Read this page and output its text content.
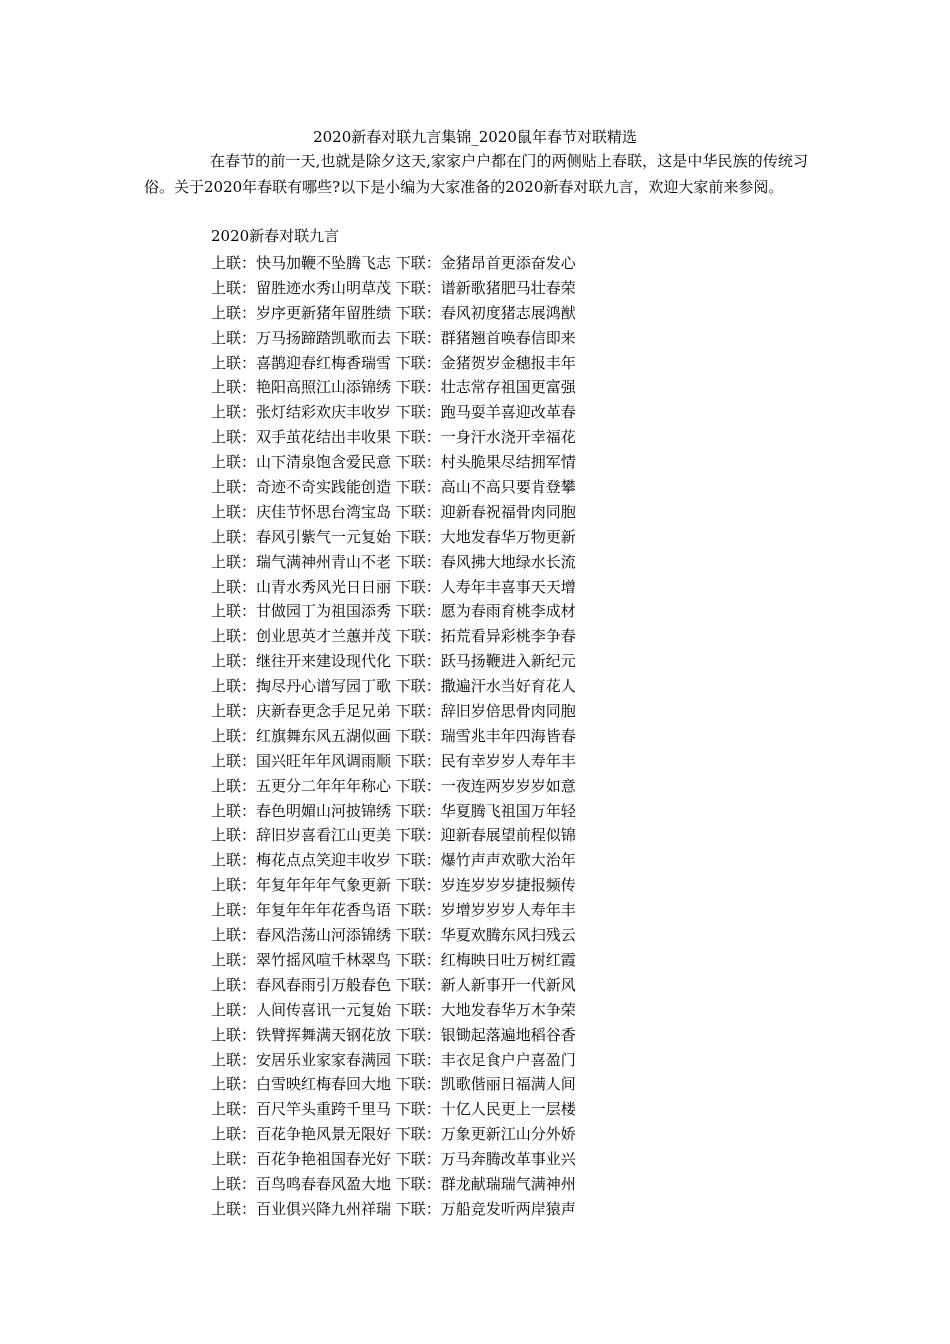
2020新春对联九言集锦_2020鼠年春节对联精选
在春节的前一天,也就是除夕这天,家家户户都在门的两侧贴上春联，这是中华民族的传统习俗。关于2020年春联有哪些?以下是小编为大家准备的2020新春对联九言，欢迎大家前来参阅。
2020新春对联九言
上联：快马加鞭不坠腾飞志 下联：金猪昂首更添奋发心
上联：留胜迹水秀山明草茂 下联：谱新歌猪肥马壮春荣
上联：岁序更新猪年留胜绩 下联：春风初度猪志展鸿猷
上联：万马扬蹄踏凯歌而去 下联：群猪翘首唤春信即来
上联：喜鹊迎春红梅香瑞雪 下联：金猪贺岁金穗报丰年
上联：艳阳高照江山添锦绣 下联：壮志常存祖国更富强
上联：张灯结彩欢庆丰收岁 下联：跑马耍羊喜迎改革春
上联：双手茧花结出丰收果 下联：一身汗水浇开幸福花
上联：山下清泉饱含爱民意 下联：村头脆果尽结拥军情
上联：奇迹不奇实践能创造 下联：高山不高只要肯登攀
上联：庆佳节怀思台湾宝岛 下联：迎新春祝福骨肉同胞
上联：春风引紫气一元复始 下联：大地发春华万物更新
上联：瑞气满神州青山不老 下联：春风拂大地绿水长流
上联：山青水秀风光日日丽 下联：人寿年丰喜事天天增
上联：甘做园丁为祖国添秀 下联：愿为春雨育桃李成材
上联：创业思英才兰蕙并茂 下联：拓荒看异彩桃李争春
上联：继往开来建设现代化 下联：跃马扬鞭进入新纪元
上联：掏尽丹心谱写园丁歌 下联：撒遍汗水当好育花人
上联：庆新春更念手足兄弟 下联：辞旧岁倍思骨肉同胞
上联：红旗舞东风五湖似画 下联：瑞雪兆丰年四海皆春
上联：国兴旺年年风调雨顺 下联：民有幸岁岁人寿年丰
上联：五更分二年年年称心 下联：一夜连两岁岁岁如意
上联：春色明媚山河披锦绣 下联：华夏腾飞祖国万年轻
上联：辞旧岁喜看江山更美 下联：迎新春展望前程似锦
上联：梅花点点笑迎丰收岁 下联：爆竹声声欢歌大治年
上联：年复年年年气象更新 下联：岁连岁岁岁捷报频传
上联：年复年年年花香鸟语 下联：岁增岁岁岁人寿年丰
上联：春风浩荡山河添锦绣 下联：华夏欢腾东风扫残云
上联：翠竹摇风喧千林翠鸟 下联：红梅映日吐万树红霞
上联：春风春雨引万般春色 下联：新人新事开一代新风
上联：人间传喜讯一元复始 下联：大地发春华万木争荣
上联：铁臂挥舞满天钢花放 下联：银锄起落遍地稻谷香
上联：安居乐业家家春满园 下联：丰衣足食户户喜盈门
上联：白雪映红梅春回大地 下联：凯歌偕丽日福满人间
上联：百尺竿头重跨千里马 下联：十亿人民更上一层楼
上联：百花争艳风景无限好 下联：万象更新江山分外娇
上联：百花争艳祖国春光好 下联：万马奔腾改革事业兴
上联：百鸟鸣春春风盈大地 下联：群龙献瑞瑞气满神州
上联：百业俱兴降九州祥瑞 下联：万船竞发听两岸猿声
